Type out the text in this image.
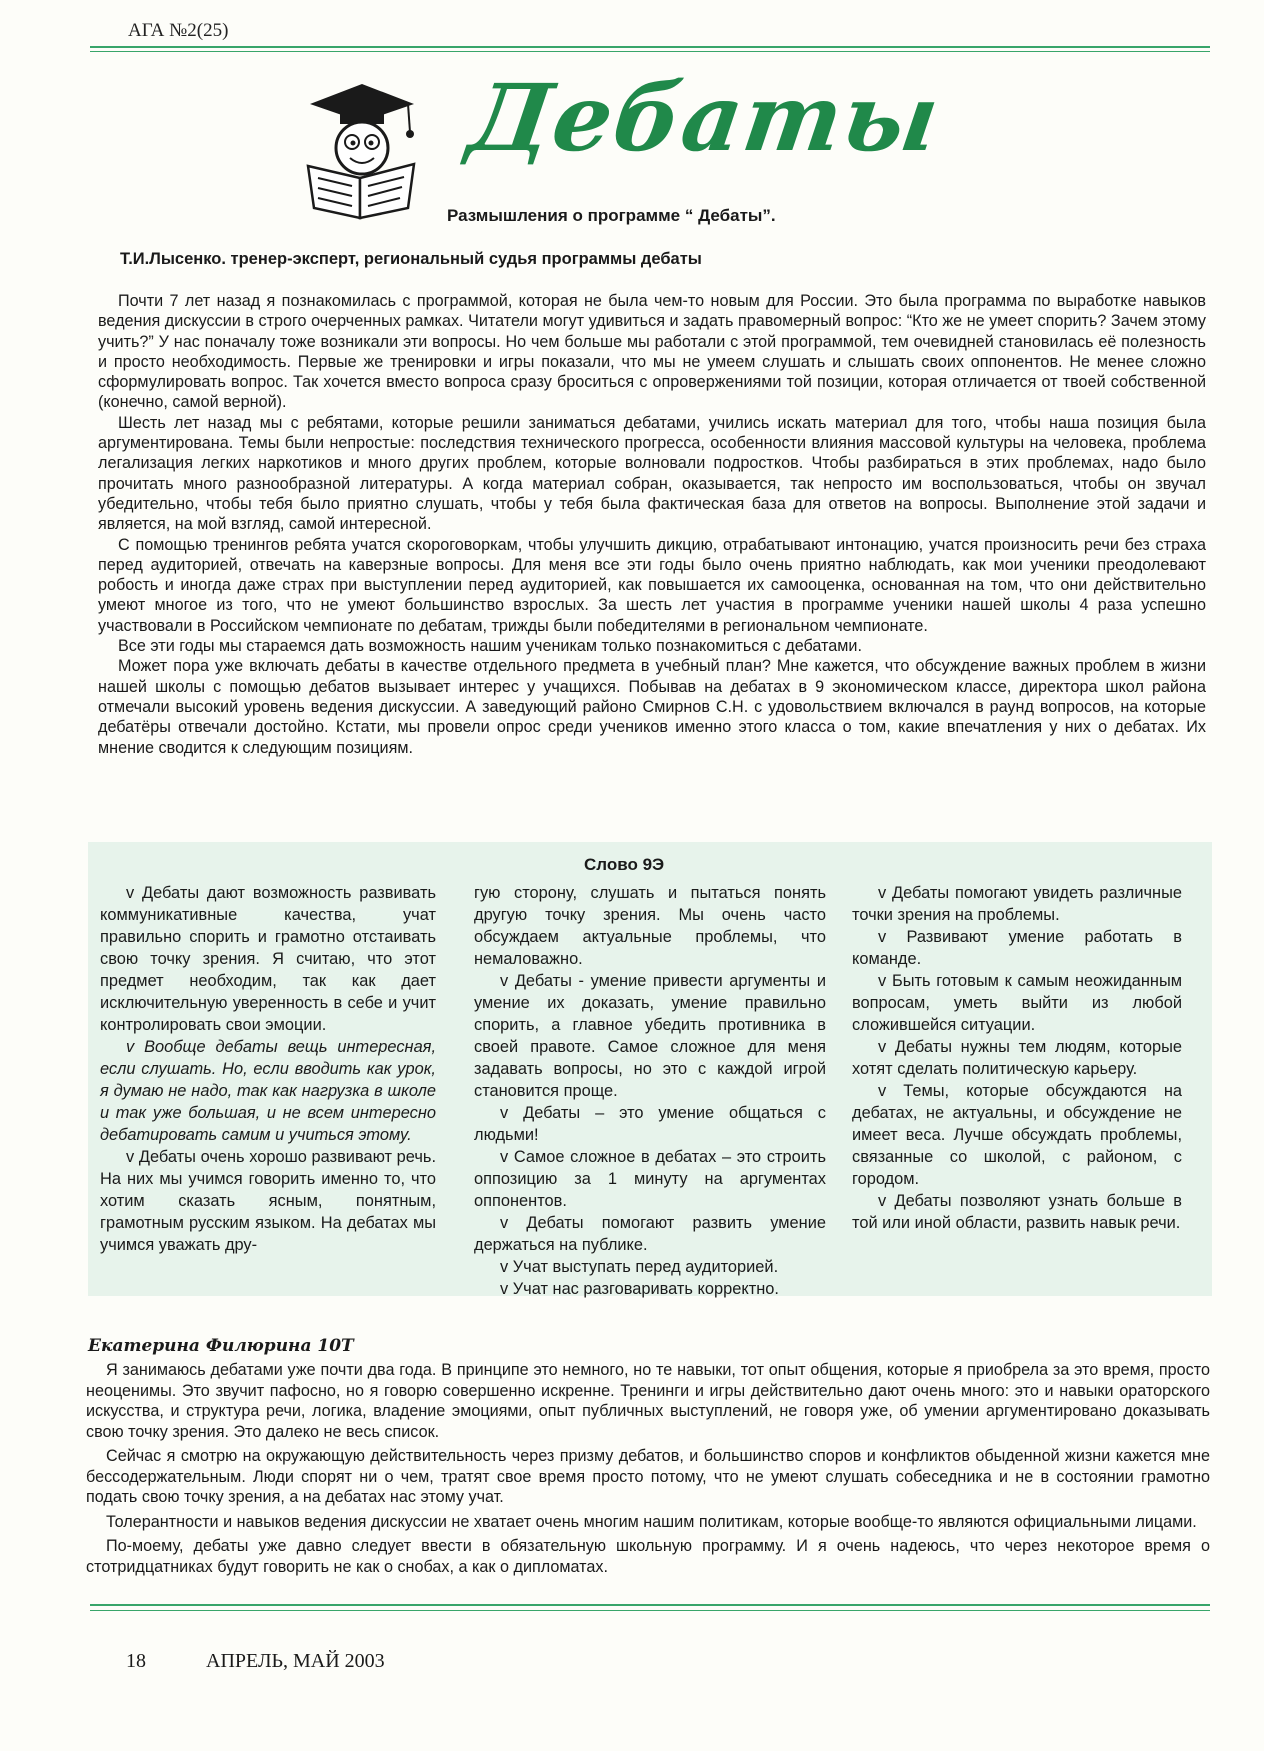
АГА №2(25)
Дебаты
Размышления о программе “ Дебаты”.
Т.И.Лысенко. тренер-эксперт, региональный судья программы дебаты

Почти 7 лет назад я познакомилась с программой, которая не была чем-то новым для России. Это была программа по выработке навыков ведения дискуссии в строго очерченных рамках. Читатели могут удивиться и задать правомерный вопрос: “Кто же не умеет спорить? Зачем этому учить?” У нас поначалу тоже возникали эти вопросы. Но чем больше мы работали с этой программой, тем очевидней становилась её полезность и просто необходимость. Первые же тренировки и игры показали, что мы не умеем слушать и слышать своих оппонентов. Не менее сложно сформулировать вопрос. Так хочется вместо вопроса сразу броситься с опровержениями той позиции, которая отличается от твоей собственной (конечно, самой верной).

Шесть лет назад мы с ребятами, которые решили заниматься дебатами, учились искать материал для того, чтобы наша позиция была аргументирована. Темы были непростые: последствия технического прогресса, особенности влияния массовой культуры на человека, проблема легализация легких наркотиков и много других проблем, которые волновали подростков. Чтобы разбираться в этих проблемах, надо было прочитать много разнообразной литературы. А когда материал собран, оказывается, так непросто им воспользоваться, чтобы он звучал убедительно, чтобы тебя было приятно слушать, чтобы у тебя была фактическая база для ответов на вопросы. Выполнение этой задачи и является, на мой взгляд, самой интересной.

С помощью тренингов ребята учатся скороговоркам, чтобы улучшить дикцию, отрабатывают интонацию, учатся произносить речи без страха перед аудиторией, отвечать на каверзные вопросы. Для меня все эти годы было очень приятно наблюдать, как мои ученики преодолевают робость и иногда даже страх при выступлении перед аудиторией, как повышается их самооценка, основанная на том, что они действительно умеют многое из того, что не умеют большинство взрослых. За шесть лет участия в программе ученики нашей школы 4 раза успешно участвовали в Российском чемпионате по дебатам, трижды были победителями в региональном чемпионате.

Все эти годы мы стараемся дать возможность нашим ученикам только познакомиться с дебатами.

Может пора уже включать дебаты в качестве отдельного предмета в учебный план? Мне кажется, что обсуждение важных проблем в жизни нашей школы с помощью дебатов вызывает интерес у учащихся. Побывав на дебатах в 9 экономическом классе, директора школ района отмечали высокий уровень ведения дискуссии. А заведующий районо Смирнов С.Н. с удовольствием включался в раунд вопросов, на которые дебатёры отвечали достойно. Кстати, мы провели опрос среди учеников именно этого класса о том, какие впечатления у них о дебатах. Их мнение сводится к следующим позициям.

Слово 9Э

v Дебаты дают возможность развивать коммуникативные качества, учат правильно спорить и грамотно отстаивать свою точку зрения. Я считаю, что этот предмет необходим, так как дает исключительную уверенность в себе и учит контролировать свои эмоции.

v Вообще дебаты вещь интересная, если слушать. Но, если вводить как урок, я думаю не надо, так как нагрузка в школе и так уже большая, и не всем интересно дебатировать самим и учиться этому.

v Дебаты очень хорошо развивают речь. На них мы учимся говорить именно то, что хотим сказать ясным, понятным, грамотным русским языком. На дебатах мы учимся уважать дру-

гую сторону, слушать и пытаться понять другую точку зрения. Мы очень часто обсуждаем актуальные проблемы, что немаловажно.

v Дебаты - умение привести аргументы и умение их доказать, умение правильно спорить, а главное убедить противника в своей правоте. Самое сложное для меня задавать вопросы, но это с каждой игрой становится проще.

v Дебаты – это умение общаться с людьми!

v Самое сложное в дебатах – это строить оппозицию за 1 минуту на аргументах оппонентов.

v Дебаты помогают развить умение держаться на публике.

v Учат выступать перед аудиторией.

v Учат нас разговаривать корректно.

v Дебаты помогают увидеть различные точки зрения на проблемы.

v Развивают умение работать в команде.

v Быть готовым к самым неожиданным вопросам, уметь выйти из любой сложившейся ситуации.

v Дебаты нужны тем людям, которые хотят сделать политическую карьеру.

v Темы, которые обсуждаются на дебатах, не актуальны, и обсуждение не имеет веса. Лучше обсуждать проблемы, связанные со школой, с районом, с городом.

v Дебаты позволяют узнать больше в той или иной области, развить навык речи.

Екатерина Филюрина 10Т

Я занимаюсь дебатами уже почти два года. В принципе это немного, но те навыки, тот опыт общения, которые я приобрела за это время, просто неоценимы. Это звучит пафосно, но я говорю совершенно искренне. Тренинги и игры действительно дают очень много: это и навыки ораторского искусства, и структура речи, логика, владение эмоциями, опыт публичных выступлений, не говоря уже, об умении аргументировано доказывать свою точку зрения. Это далеко не весь список.

Сейчас я смотрю на окружающую действительность через призму дебатов, и большинство споров и конфликтов обыденной жизни кажется мне бессодержательным. Люди спорят ни о чем, тратят свое время просто потому, что не умеют слушать собеседника и не в состоянии грамотно подать свою точку зрения, а на дебатах нас этому учат.

Толерантности и навыков ведения дискуссии не хватает очень многим нашим политикам, которые вообще-то являются официальными лицами.

По-моему, дебаты уже давно следует ввести в обязательную школьную программу. И я очень надеюсь, что через некоторое время о стотридцатниках будут говорить не как о снобах, а как о дипломатах.

18	АПРЕЛЬ, МАЙ 2003
